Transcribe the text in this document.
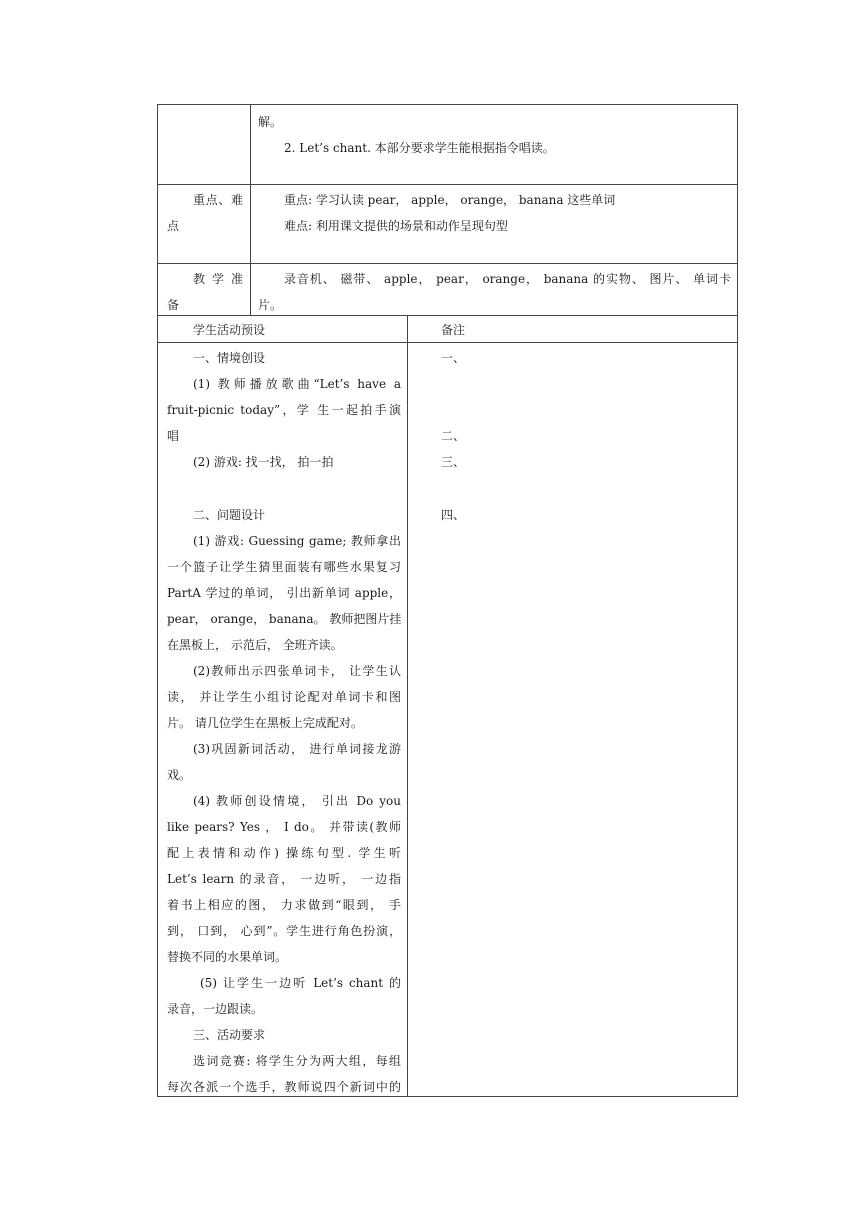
解。
2. Let’s chant. 本部分要求学生能根据指令唱读。
重点、难
点
重点: 学习认读 pear， apple， orange， banana 这些单词
难点: 利用课文提供的场景和动作呈现句型
教 学 准
备
录音机、 磁带、 apple， pear， orange， banana 的实物、 图片、 单词卡
片。
学生活动预设	备注
一、情境创设
(1) 教师播放歌曲“Let’s have a
fruit-picnic today”，学 生一起拍手演
唱
(2) 游戏: 找一找， 拍一拍
二、问题设计
(1) 游戏: Guessing game; 教师拿出
一个篮子让学生猜里面装有哪些水果复习
PartA 学过的单词， 引出新单词 apple，
pear， orange， banana。 教师把图片挂
在黑板上， 示范后， 全班齐读。
(2)教师出示四张单词卡， 让学生认
读， 并让学生小组讨论配对单词卡和图
片。 请几位学生在黑板上完成配对。
(3)巩固新词活动， 进行单词接龙游
戏。
(4) 教师创设情境， 引出 Do you
like pears? Yes ， I do。 并带读(教师
配上表情和动作) 操练句型. 学生听
Let’s learn 的录音， 一边听， 一边指
着书上相应的图， 力求做到“眼到， 手
到， 口到， 心到”。学生进行角色扮演，
替换不同的水果单词。
(5) 让学生一边听 Let’s chant 的
录音，一边跟读。
三、活动要求
选词竞赛: 将学生分为两大组，每组
每次各派一个选手，教师说四个新词中的
一、
二、
三、
四、
